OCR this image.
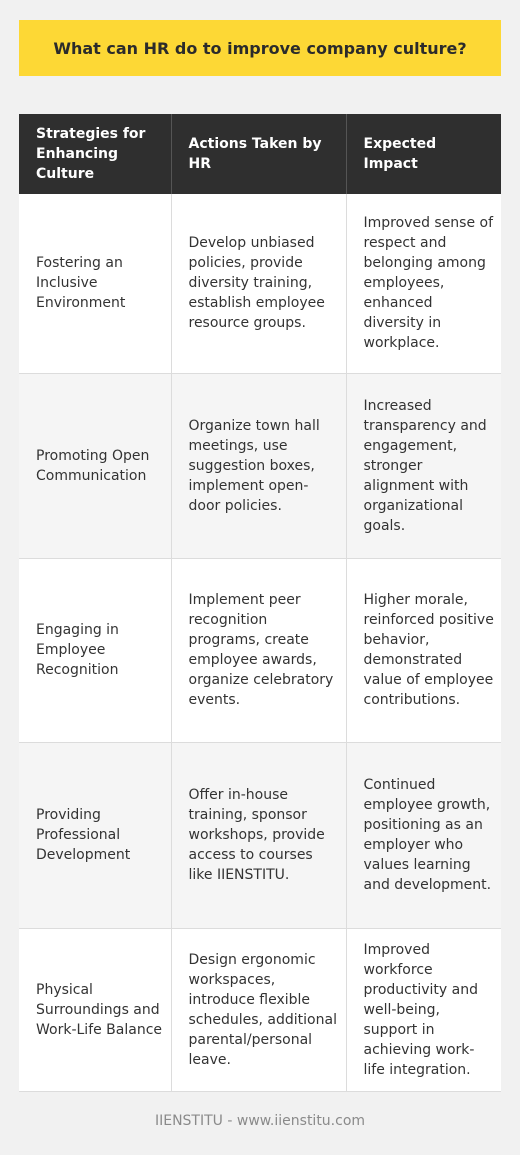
What can HR do to improve company culture?
Strategies for Enhancing Culture	Actions Taken by HR	Expected Impact
Fostering an Inclusive Environment	Develop unbiased policies, provide diversity training, establish employee resource groups.	Improved sense of respect and belonging among employees, enhanced diversity in workplace.
Promoting Open Communication	Organize town hall meetings, use suggestion boxes, implement open-door policies.	Increased transparency and engagement, stronger alignment with organizational goals.
Engaging in Employee Recognition	Implement peer recognition programs, create employee awards, organize celebratory events.	Higher morale, reinforced positive behavior, demonstrated value of employee contributions.
Providing Professional Development	Offer in-house training, sponsor workshops, provide access to courses like IIENSTITU.	Continued employee growth, positioning as an employer who values learning and development.
Physical Surroundings and Work-Life Balance	Design ergonomic workspaces, introduce flexible schedules, additional parental/personal leave.	Improved workforce productivity and well-being, support in achieving work-life integration.
IIENSTITU - www.iienstitu.com
